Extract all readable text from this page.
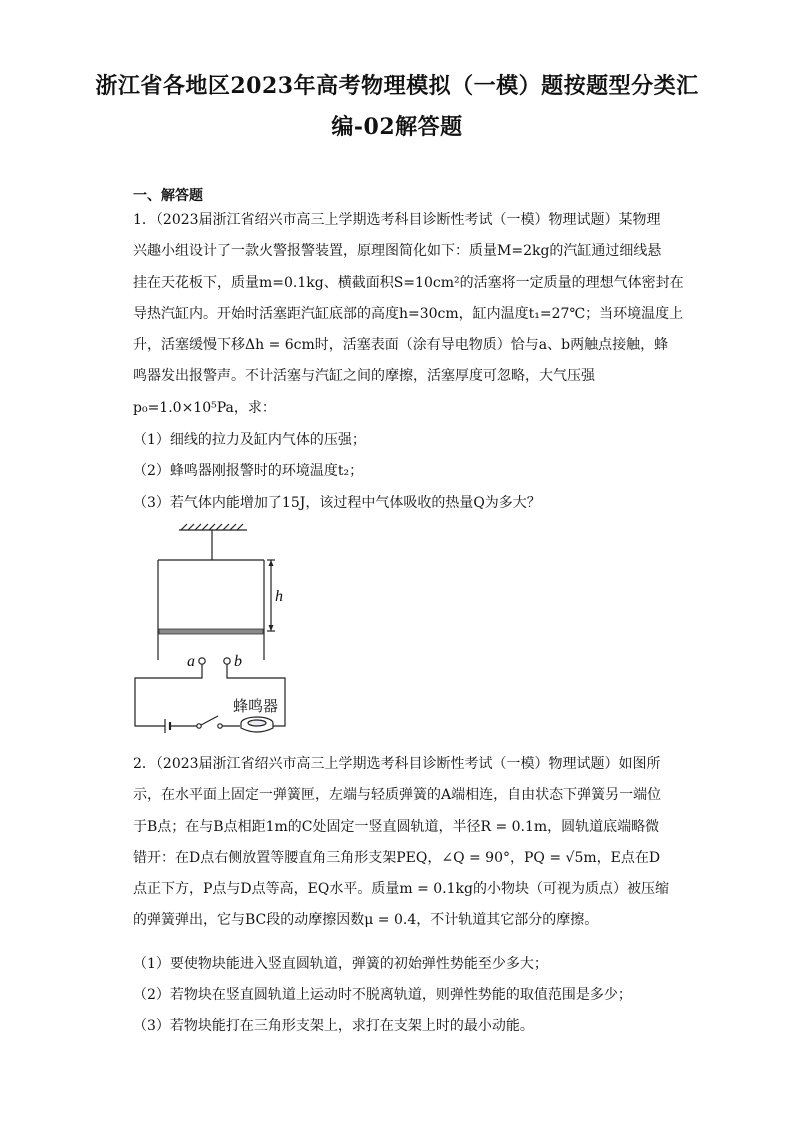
浙江省各地区2023年高考物理模拟（一模）题按题型分类汇
编-02解答题
一、解答题
1．（2023届浙江省绍兴市高三上学期选考科目诊断性考试（一模）物理试题）某物理
兴趣小组设计了一款火警报警装置，原理图简化如下：质量M=2kg的汽缸通过细线悬
挂在天花板下，质量m=0.1kg、横截面积S=10cm²的活塞将一定质量的理想气体密封在
导热汽缸内。开始时活塞距汽缸底部的高度h=30cm，缸内温度t₁=27℃；当环境温度上
升，活塞缓慢下移Δh = 6cm时，活塞表面（涂有导电物质）恰与a、b两触点接触，蜂
鸣器发出报警声。不计活塞与汽缸之间的摩擦，活塞厚度可忽略，大气压强
p₀=1.0×10⁵Pa，求：
（1）细线的拉力及缸内气体的压强；
（2）蜂鸣器刚报警时的环境温度t₂；
（3）若气体内能增加了15J，该过程中气体吸收的热量Q为多大？
h
a b
蜂鸣器
2．（2023届浙江省绍兴市高三上学期选考科目诊断性考试（一模）物理试题）如图所
示，在水平面上固定一弹簧匣，左端与轻质弹簧的A端相连，自由状态下弹簧另一端位
于B点；在与B点相距1m的C处固定一竖直圆轨道，半径R = 0.1m，圆轨道底端略微
错开：在D点右侧放置等腰直角三角形支架PEQ，∠Q = 90°，PQ = √5m，E点在D
点正下方，P点与D点等高，EQ水平。质量m = 0.1kg的小物块（可视为质点）被压缩
的弹簧弹出，它与BC段的动摩擦因数μ = 0.4，不计轨道其它部分的摩擦。
（1）要使物块能进入竖直圆轨道，弹簧的初始弹性势能至少多大；
（2）若物块在竖直圆轨道上运动时不脱离轨道，则弹性势能的取值范围是多少；
（3）若物块能打在三角形支架上，求打在支架上时的最小动能。
